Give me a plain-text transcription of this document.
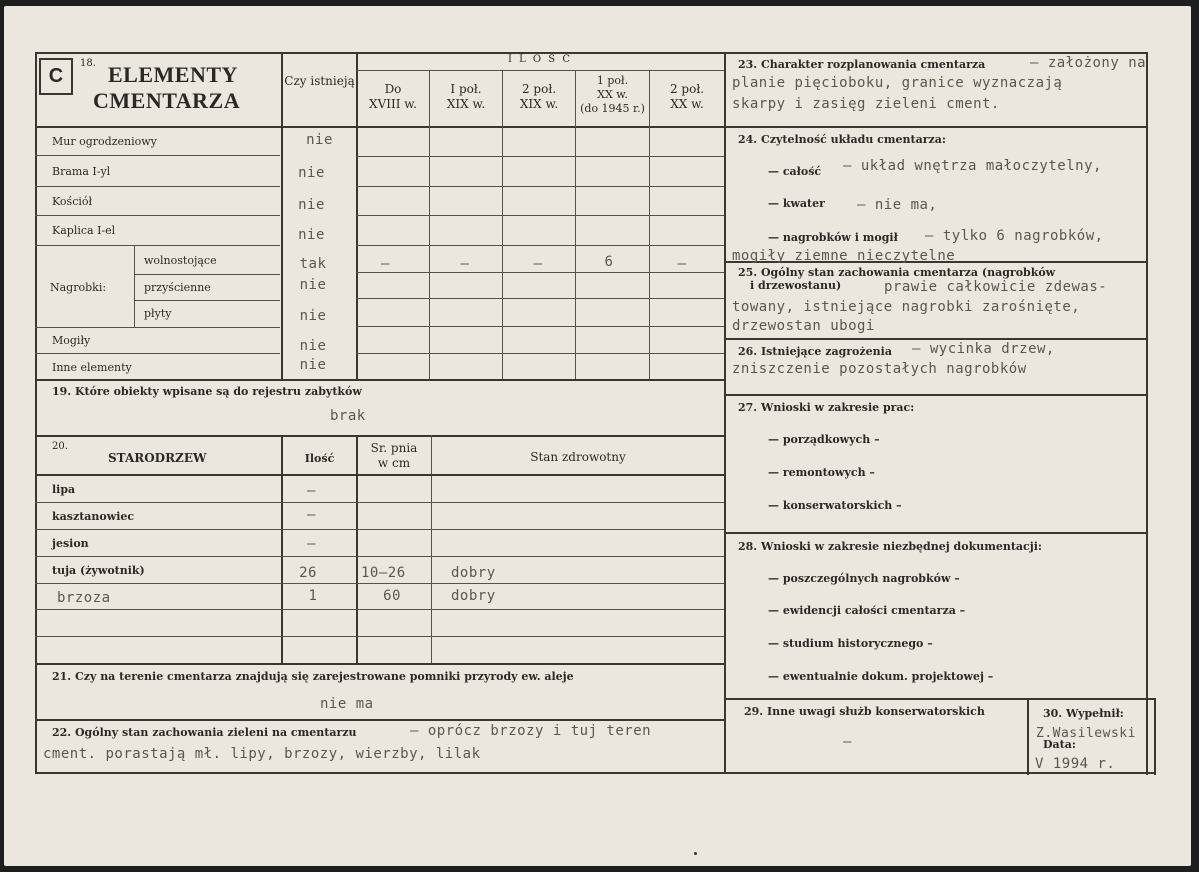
C
18. ELEMENTY
CMENTARZA
Czy istnieją
I L O S C
Do
XVIII w.
I poł.
XIX w.
2 poł.
XIX w.
1 poł.
XX w.
(do 1945 r.)
2 poł.
XX w.
Mur ogrodzeniowy	nie
Brama I-yl	nie
Kościół	nie
Kaplica I-el	nie
Nagrobki:
wolnostojące	tak	–	–	–	6	–
przyścienne	nie
płyty	nie
Mogiły	nie
Inne elementy	nie
19. Które obiekty wpisane są do rejestru zabytków
brak
20.
STARODRZEW	Ilość
Sr. pnia
w cm	Stan zdrowotny
lipa	–
kasztanowiec	–
jesion	–
tuja (żywotnik)	26	10–26	dobry
brzoza	1	60	dobry
21. Czy na terenie cmentarza znajdują się zarejestrowane pomniki przyrody ew. aleje
nie ma
22. Ogólny stan zachowania zieleni na cmentarzu	– oprócz brzozy i tuj teren
cment. porastają mł. lipy, brzozy, wierzby, lilak
23. Charakter rozplanowania cmentarza	– założony na
planie pięcioboku, granice wyznaczają
skarpy i zasięg zieleni cment.
24. Czytelność układu cmentarza:
— całość – układ wnętrza małoczytelny,
— kwater – nie ma,
— nagrobków i mogił – tylko 6 nagrobków,
mogiły ziemne nieczytelne
25. Ogólny stan zachowania cmentarza (nagrobków
i drzewostanu)	prawie całkowicie zdewas-
towany, istniejące nagrobki zarośnięte,
drzewostan ubogi
26. Istniejące zagrożenia – wycinka drzew,
zniszczenie pozostałych nagrobków
27. Wnioski w zakresie prac:
— porządkowych –
— remontowych –
— konserwatorskich –
28. Wnioski w zakresie niezbędnej dokumentacji:
— poszczególnych nagrobków –
— ewidencji całości cmentarza –
— studium historycznego –
— ewentualnie dokum. projektowej –
29. Inne uwagi służb konserwatorskich
–
30. Wypełnił:
Z.Wasilewski
Data:
V 1994 r.
